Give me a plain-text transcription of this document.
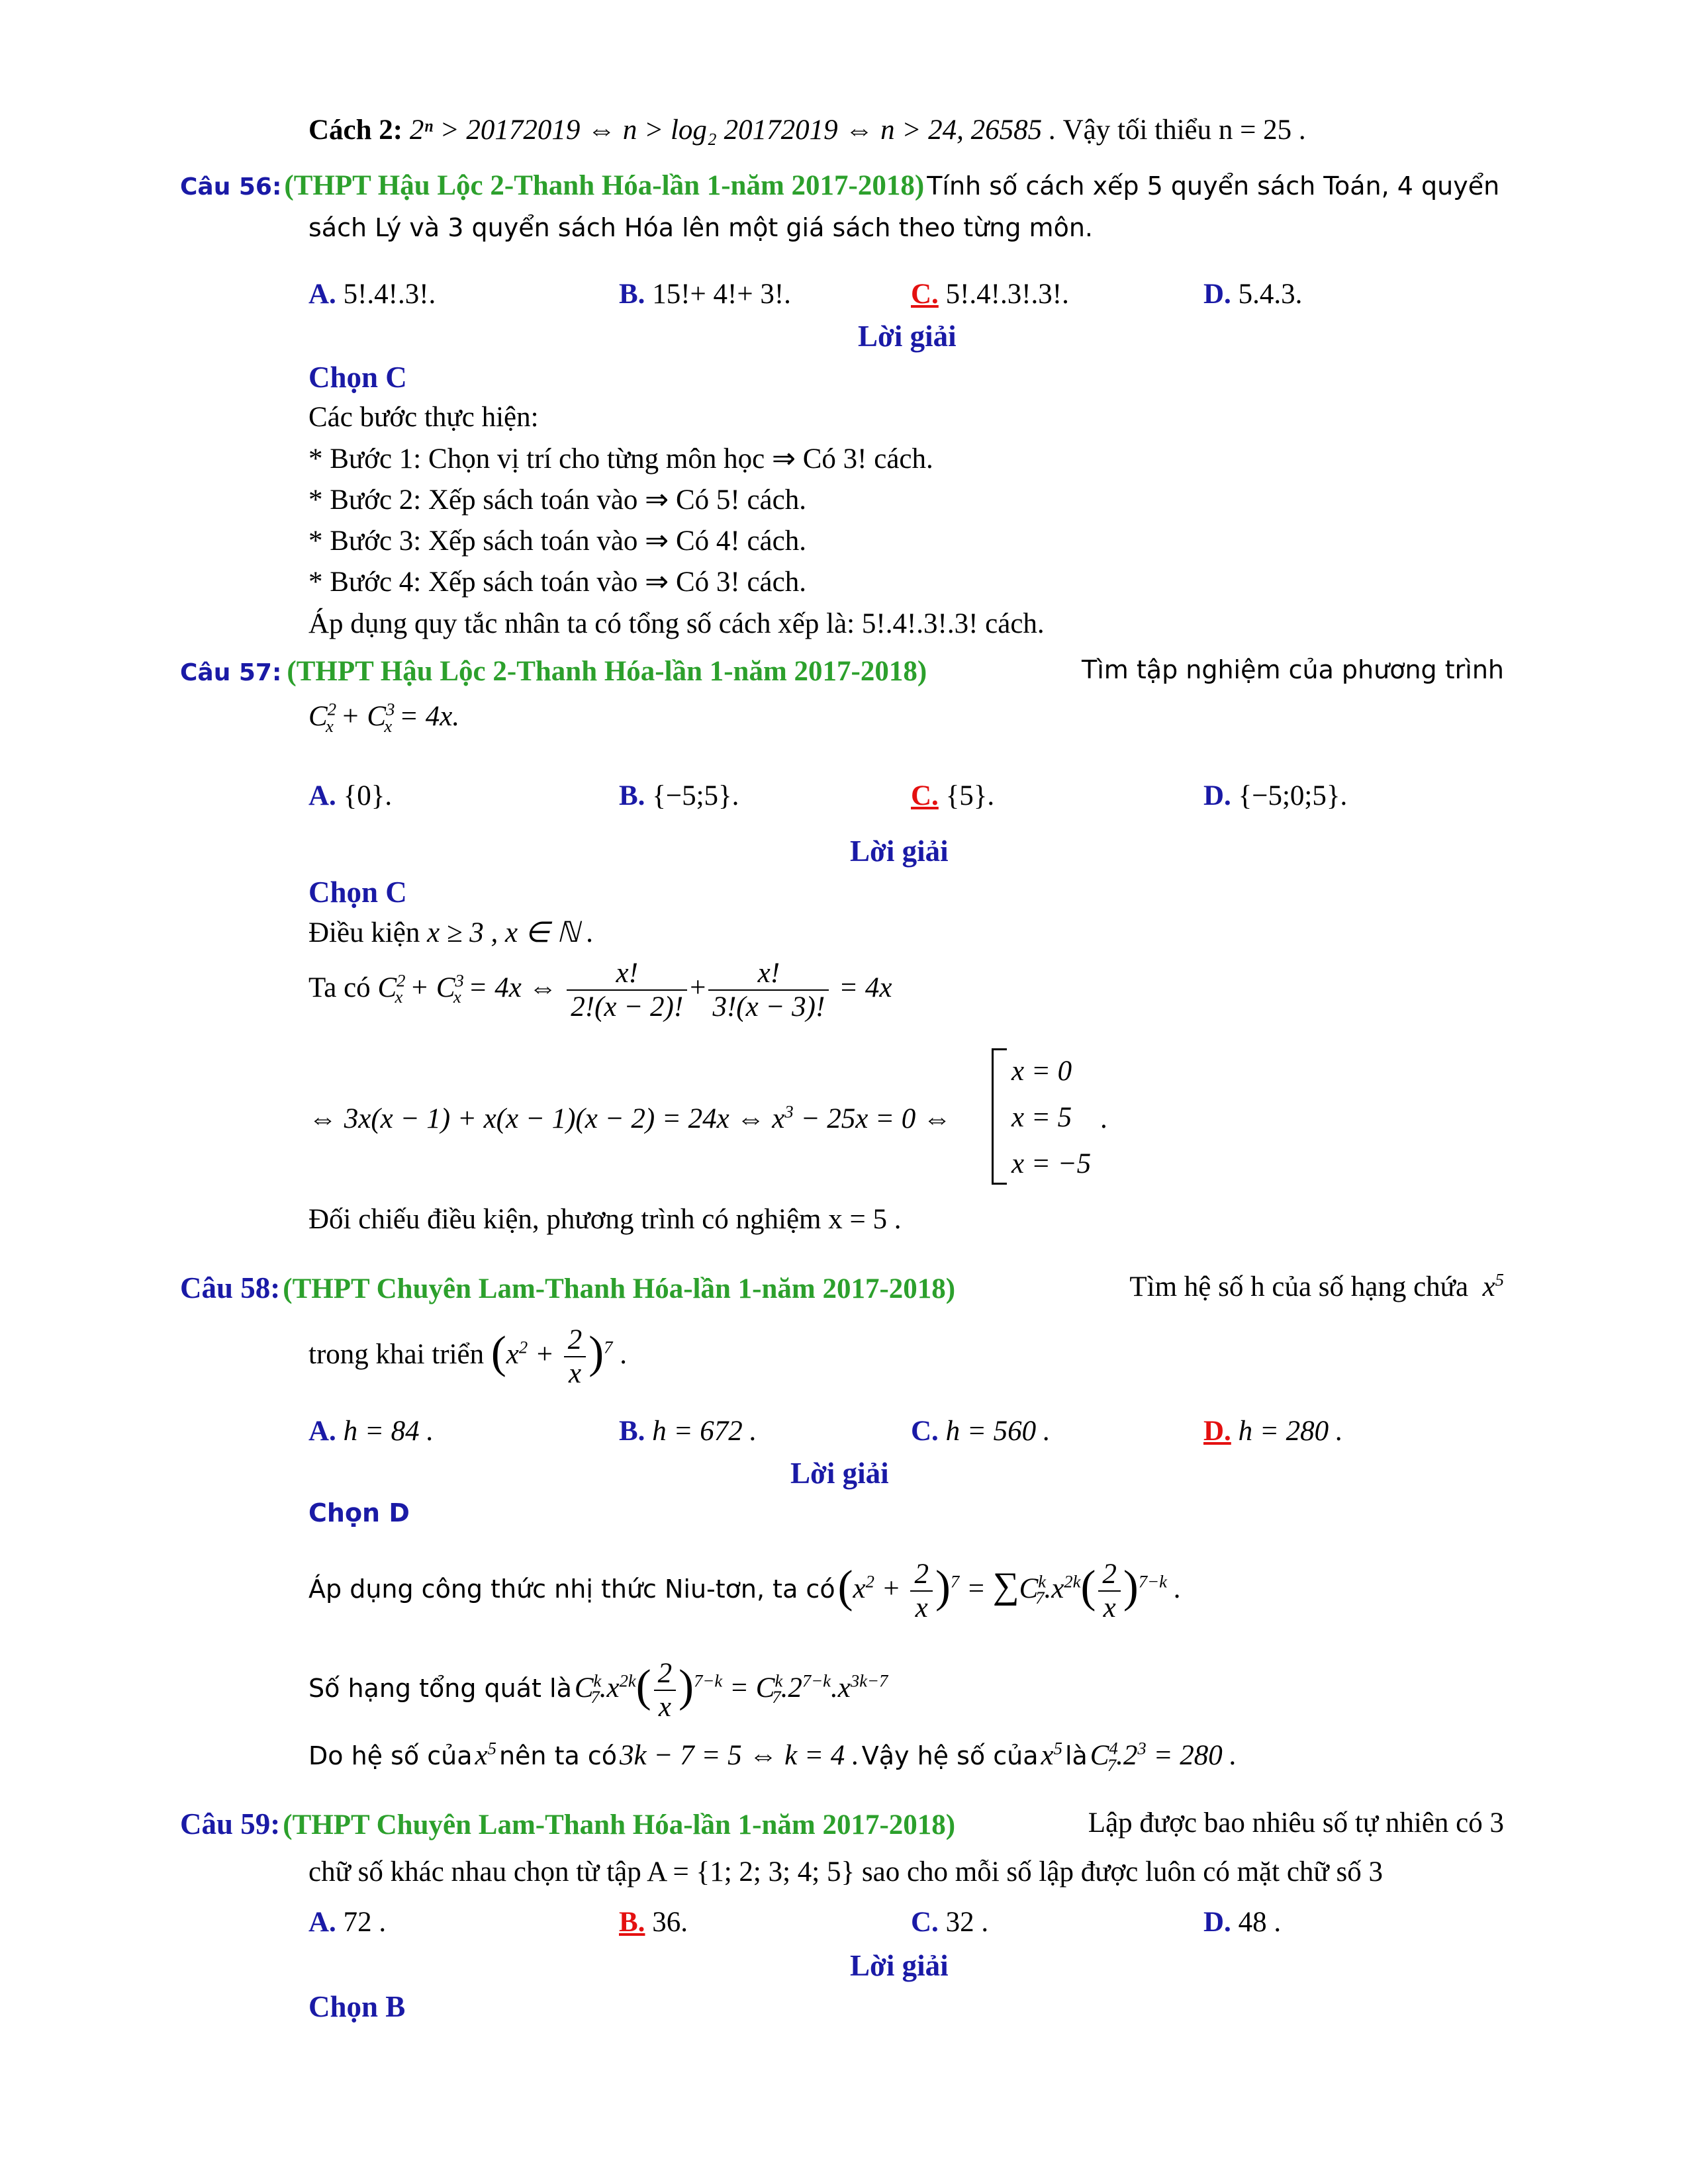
Cách 2: 2ⁿ > 20172019 ⇔ n > log₂ 20172019 ⇔ n > 24, 26585 . Vậy tối thiểu n = 25 .
Câu 56: (THPT Hậu Lộc 2-Thanh Hóa-lần 1-năm 2017-2018) Tính số cách xếp 5 quyển sách Toán, 4 quyển
sách Lý và 3 quyển sách Hóa lên một giá sách theo từng môn.
A. 5!.4!.3!.	B. 15!+ 4!+ 3!.	C. 5!.4!.3!.3!.	D. 5.4.3.
Lời giải
Chọn C
Các bước thực hiện:
* Bước 1: Chọn vị trí cho từng môn học ⇒ Có 3! cách.
* Bước 2: Xếp sách toán vào ⇒ Có 5! cách.
* Bước 3: Xếp sách toán vào ⇒ Có 4! cách.
* Bước 4: Xếp sách toán vào ⇒ Có 3! cách.
Áp dụng quy tắc nhân ta có tổng số cách xếp là: 5!.4!.3!.3! cách.
Câu 57: (THPT Hậu Lộc 2-Thanh Hóa-lần 1-năm 2017-2018)	Tìm tập nghiệm của phương trình
$C^2_x + C^3_x = 4x$.
A. {0}.	B. {−5;5}.	C. {5}.	D. {−5;0;5}.
Lời giải
Chọn C
Điều kiện x ≥ 3 , x ∈ ℕ .
Ta có $C^2_x + C^3_x = 4x$ ⇔ $\frac{x!}{2!(x - 2)!} + \frac{x!}{3!(x - 3)!} = 4x$
⇔ 3x(x − 1) + x(x − 1)(x − 2) = 24x ⇔ $x^3 - 25x = 0$ ⇔
x = 0
x = 5
x = −5
.
Đối chiếu điều kiện, phương trình có nghiệm x = 5 .
Câu 58: (THPT Chuyên Lam-Thanh Hóa-lần 1-năm 2017-2018)	Tìm hệ số h của số hạng chứa $x^5$
trong khai triển $(x^2 + \frac{2}{x} )^7$ .
A. h = 84 .	B. h = 672 .	C. h = 560 .	D. h = 280 .
Lời giải
Chọn D
Áp dụng công thức nhị thức Niu-tơn, ta có $(x^2 + \frac{2}{x} )^7 = \sum C^k_7.x^{2k}( \frac{2}{x} )^{7-k}$ .
Số hạng tổng quát là $C^k_7.x^{2k}( \frac{2}{x} )^{7-k} = C^k_7.2^{7-k}.x^{3k-7}$
Do hệ số của $x^5$ nên ta có 3k − 7 = 5 ⇔ k = 4 . Vậy hệ số của $x^5$ là $C^4_7.2^3 = 280$ .
Câu 59: (THPT Chuyên Lam-Thanh Hóa-lần 1-năm 2017-2018)	Lập được bao nhiêu số tự nhiên có 3
chữ số khác nhau chọn từ tập A = {1; 2; 3; 4; 5} sao cho mỗi số lập được luôn có mặt chữ số 3
A. 72 .	B. 36.	C. 32 .	D. 48 .
Lời giải
Chọn B
